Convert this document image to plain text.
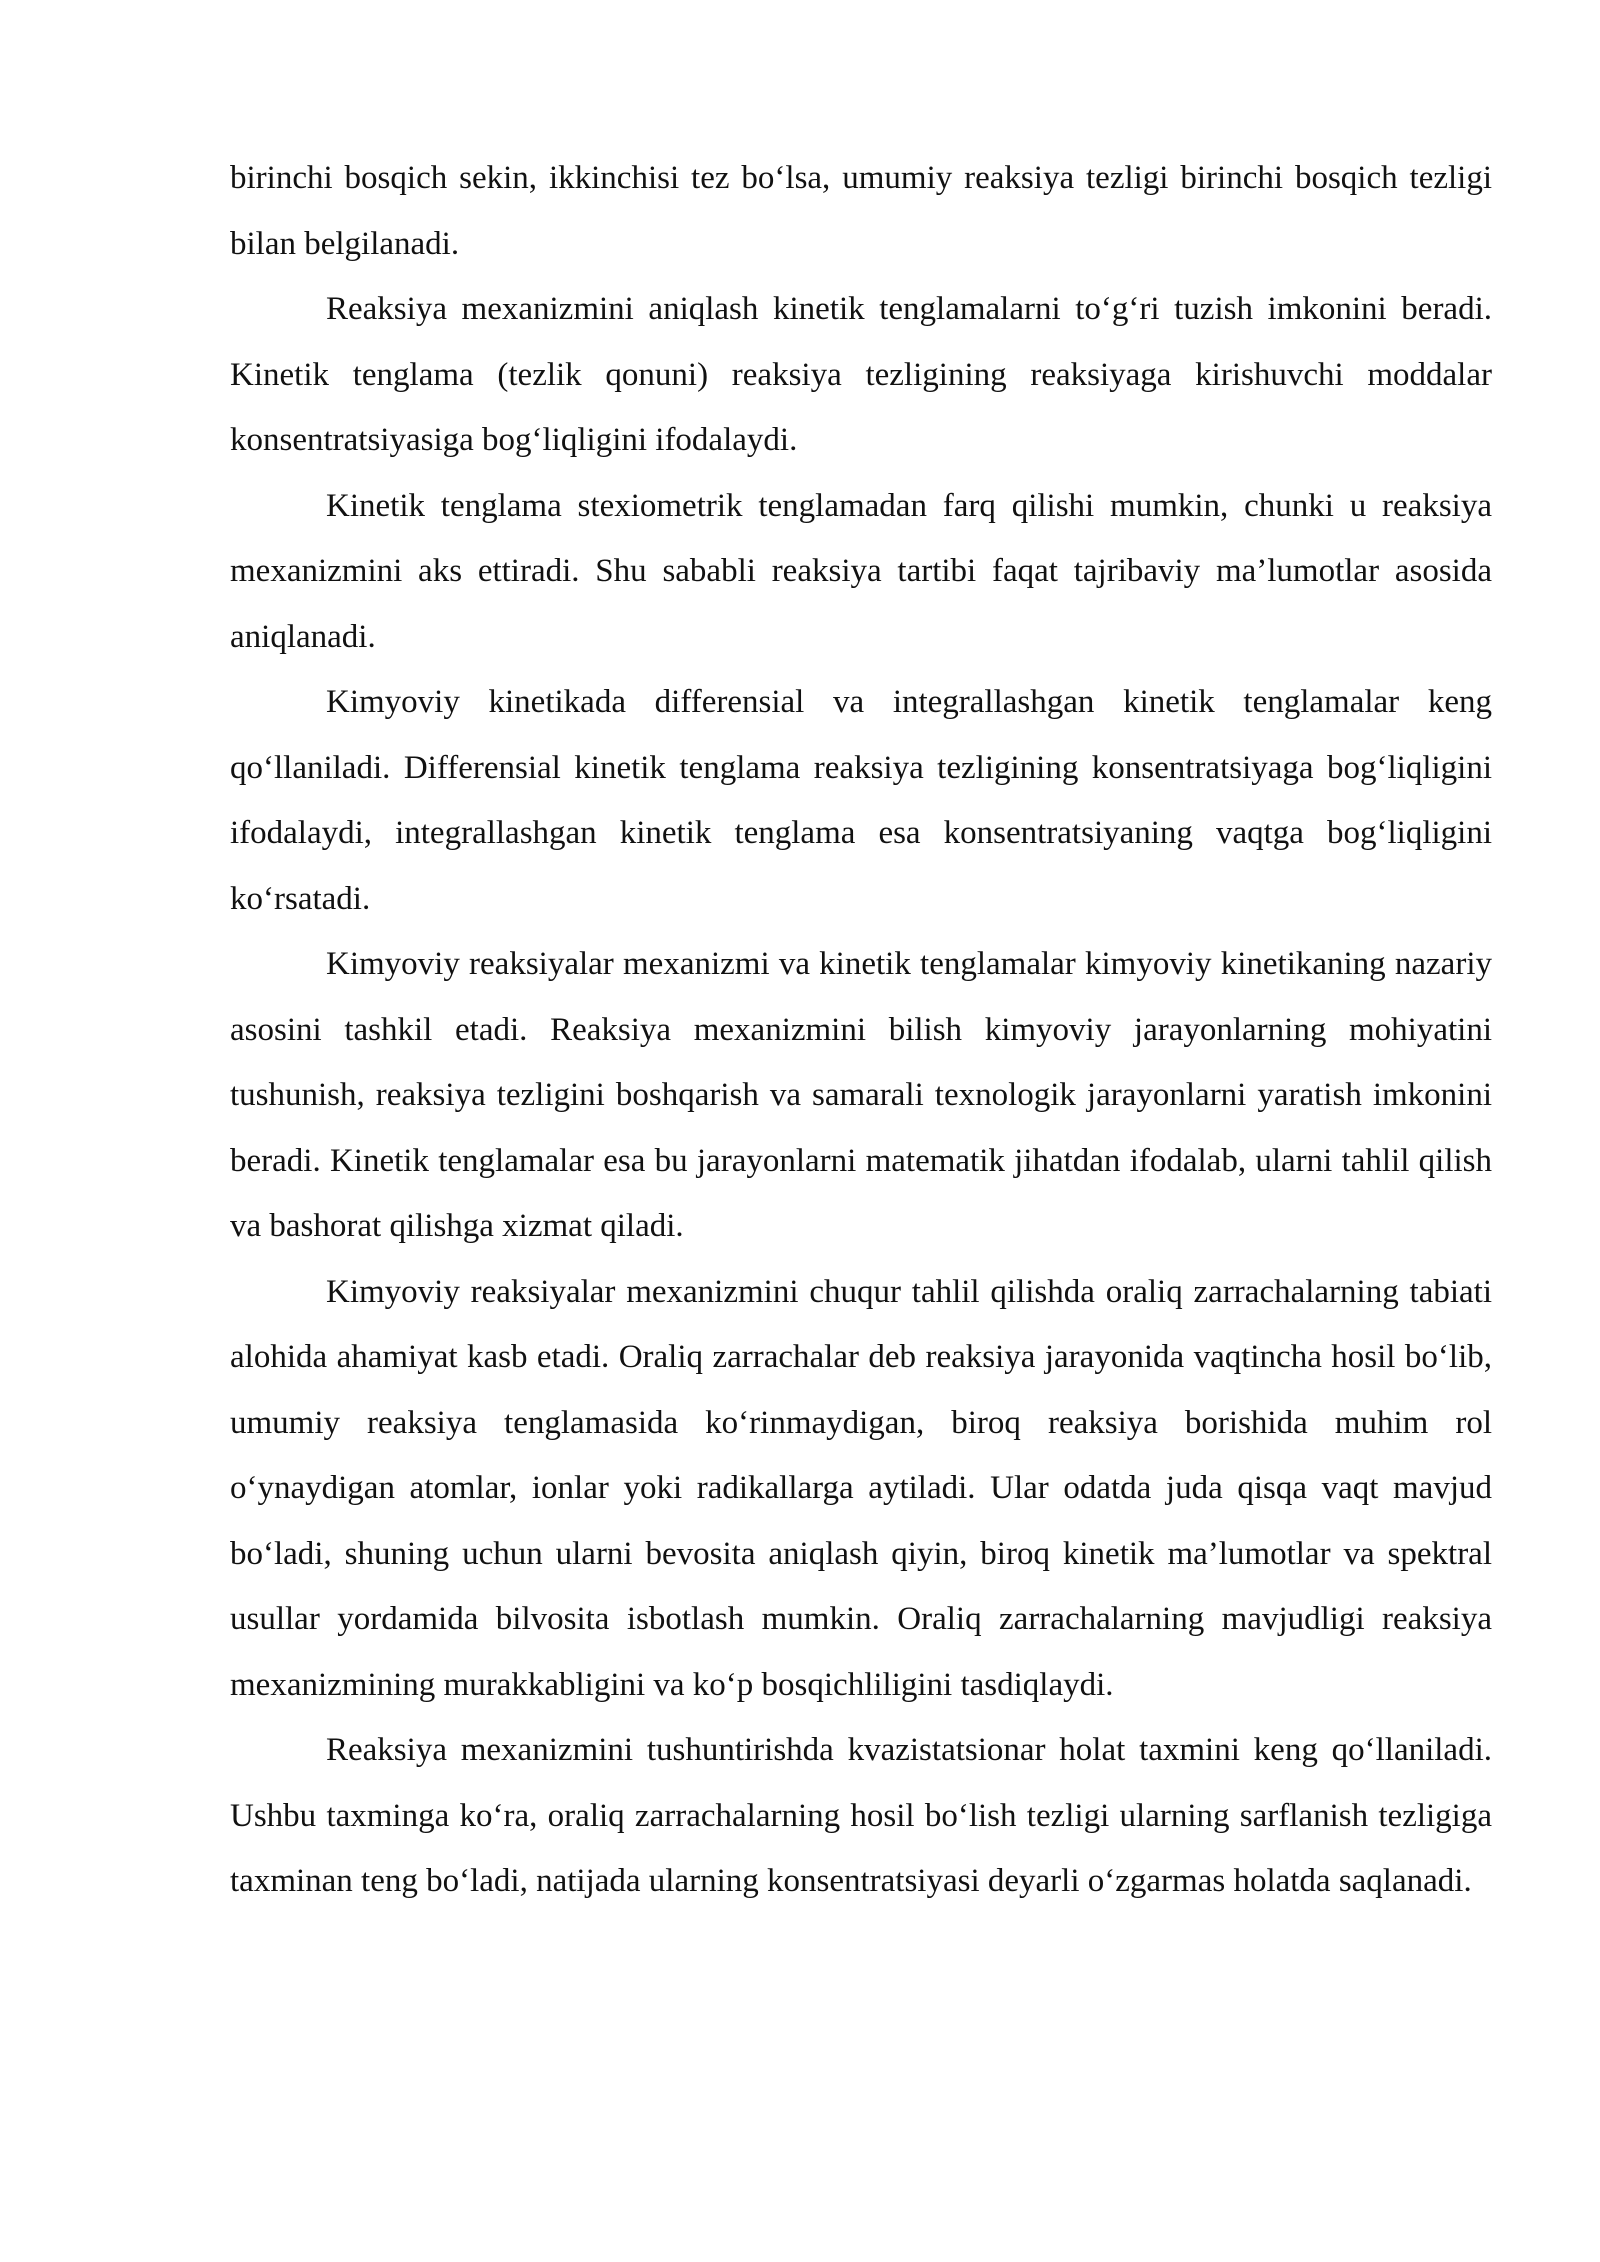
birinchi bosqich sekin, ikkinchisi tez bo‘lsa, umumiy reaksiya tezligi birinchi bosqich tezligi bilan belgilanadi.

Reaksiya mexanizmini aniqlash kinetik tenglamalarni to‘g‘ri tuzish imkonini beradi. Kinetik tenglama (tezlik qonuni) reaksiya tezligining reaksiyaga kirishuvchi moddalar konsentratsiyasiga bog‘liqligini ifodalaydi.

Kinetik tenglama stexiometrik tenglamadan farq qilishi mumkin, chunki u reaksiya mexanizmini aks ettiradi. Shu sababli reaksiya tartibi faqat tajribaviy ma’lumotlar asosida aniqlanadi.

Kimyoviy kinetikada differensial va integrallashgan kinetik tenglamalar keng qo‘llaniladi. Differensial kinetik tenglama reaksiya tezligining konsentratsiyaga bog‘liqligini ifodalaydi, integrallashgan kinetik tenglama esa konsentratsiyaning vaqtga bog‘liqligini ko‘rsatadi.

Kimyoviy reaksiyalar mexanizmi va kinetik tenglamalar kimyoviy kinetikaning nazariy asosini tashkil etadi. Reaksiya mexanizmini bilish kimyoviy jarayonlarning mohiyatini tushunish, reaksiya tezligini boshqarish va samarali texnologik jarayonlarni yaratish imkonini beradi. Kinetik tenglamalar esa bu jarayonlarni matematik jihatdan ifodalab, ularni tahlil qilish va bashorat qilishga xizmat qiladi.

Kimyoviy reaksiyalar mexanizmini chuqur tahlil qilishda oraliq zarrachalarning tabiati alohida ahamiyat kasb etadi. Oraliq zarrachalar deb reaksiya jarayonida vaqtincha hosil bo‘lib, umumiy reaksiya tenglamasida ko‘rinmaydigan, biroq reaksiya borishida muhim rol o‘ynaydigan atomlar, ionlar yoki radikallarga aytiladi. Ular odatda juda qisqa vaqt mavjud bo‘ladi, shuning uchun ularni bevosita aniqlash qiyin, biroq kinetik ma’lumotlar va spektral usullar yordamida bilvosita isbotlash mumkin. Oraliq zarrachalarning mavjudligi reaksiya mexanizmining murakkabligini va ko‘p bosqichliligini tasdiqlaydi.

Reaksiya mexanizmini tushuntirishda kvazistatsionar holat taxmini keng qo‘llaniladi. Ushbu taxminga ko‘ra, oraliq zarrachalarning hosil bo‘lish tezligi ularning sarflanish tezligiga taxminan teng bo‘ladi, natijada ularning konsentratsiyasi deyarli o‘zgarmas holatda saqlanadi.
